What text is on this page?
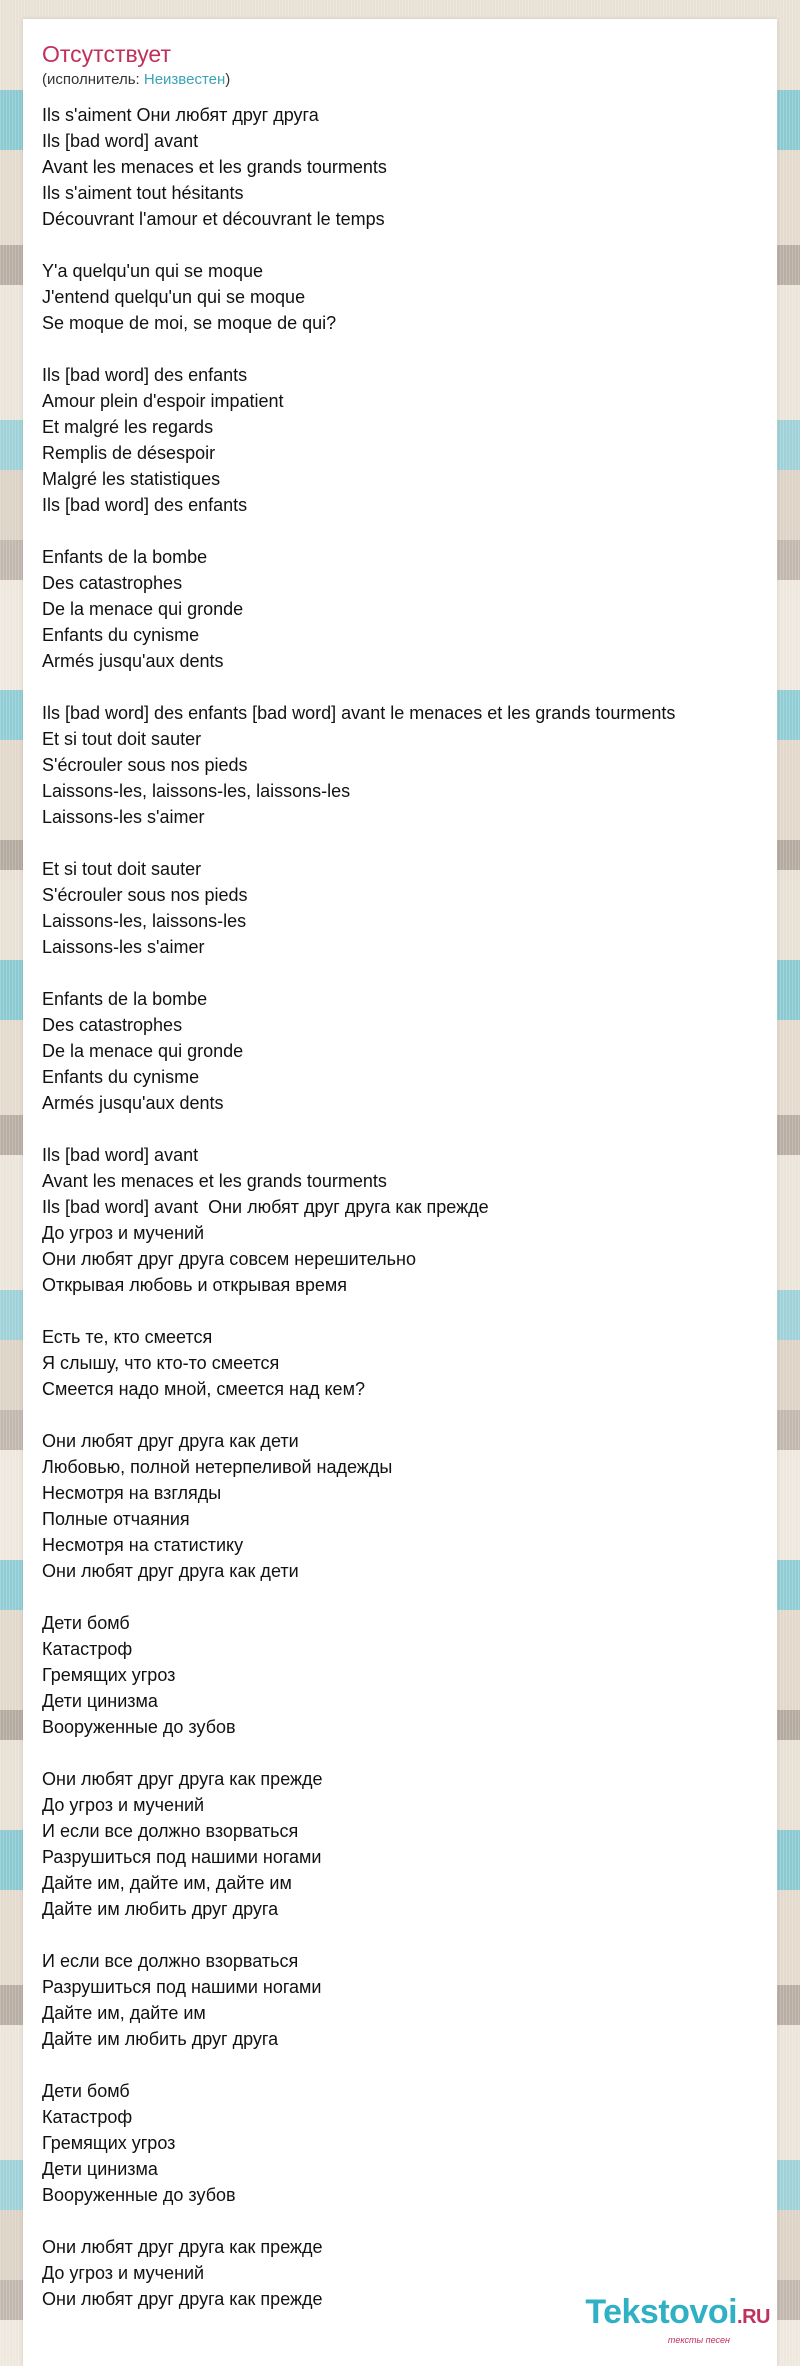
Отсутствует
(исполнитель: Неизвестен)
Ils s'aiment Они любят друг друга
Ils [bad word] avant
Avant les menaces et les grands tourments
Ils s'aiment tout hésitants
Découvrant l'amour et découvrant le temps
Y'a quelqu'un qui se moque
J'entend quelqu'un qui se moque
Se moque de moi, se moque de qui?
Ils [bad word] des enfants
Amour plein d'espoir impatient
Et malgré les regards
Remplis de désespoir
Malgré les statistiques
Ils [bad word] des enfants
Enfants de la bombe
Des catastrophes
De la menace qui gronde
Enfants du cynisme
Armés jusqu'aux dents
Ils [bad word] des enfants [bad word] avant le menaces et les grands tourments
Et si tout doit sauter
S'écrouler sous nos pieds
Laissons-les, laissons-les, laissons-les
Laissons-les s'aimer
Et si tout doit sauter
S'écrouler sous nos pieds
Laissons-les, laissons-les
Laissons-les s'aimer
Enfants de la bombe
Des catastrophes
De la menace qui gronde
Enfants du cynisme
Armés jusqu'aux dents
Ils [bad word] avant
Avant les menaces et les grands tourments
Ils [bad word] avant  Они любят друг друга как прежде
До угроз и мучений
Они любят друг друга совсем нерешительно
Открывая любовь и открывая время
Есть те, кто смеется
Я слышу, что кто-то смеется
Смеется надо мной, смеется над кем?
Они любят друг друга как дети
Любовью, полной нетерпеливой надежды
Несмотря на взгляды
Полные отчаяния
Несмотря на статистику
Они любят друг друга как дети
Дети бомб
Катастроф
Гремящих угроз
Дети цинизма
Вооруженные до зубов
Они любят друг друга как прежде
До угроз и мучений
И если все должно взорваться
Разрушиться под нашими ногами
Дайте им, дайте им, дайте им
Дайте им любить друг друга
И если все должно взорваться
Разрушиться под нашими ногами
Дайте им, дайте им
Дайте им любить друг друга
Дети бомб
Катастроф
Гремящих угроз
Дети цинизма
Вооруженные до зубов
Они любят друг друга как прежде
До угроз и мучений
Они любят друг друга как прежде	Tekstovoi.RU
тексты песен
